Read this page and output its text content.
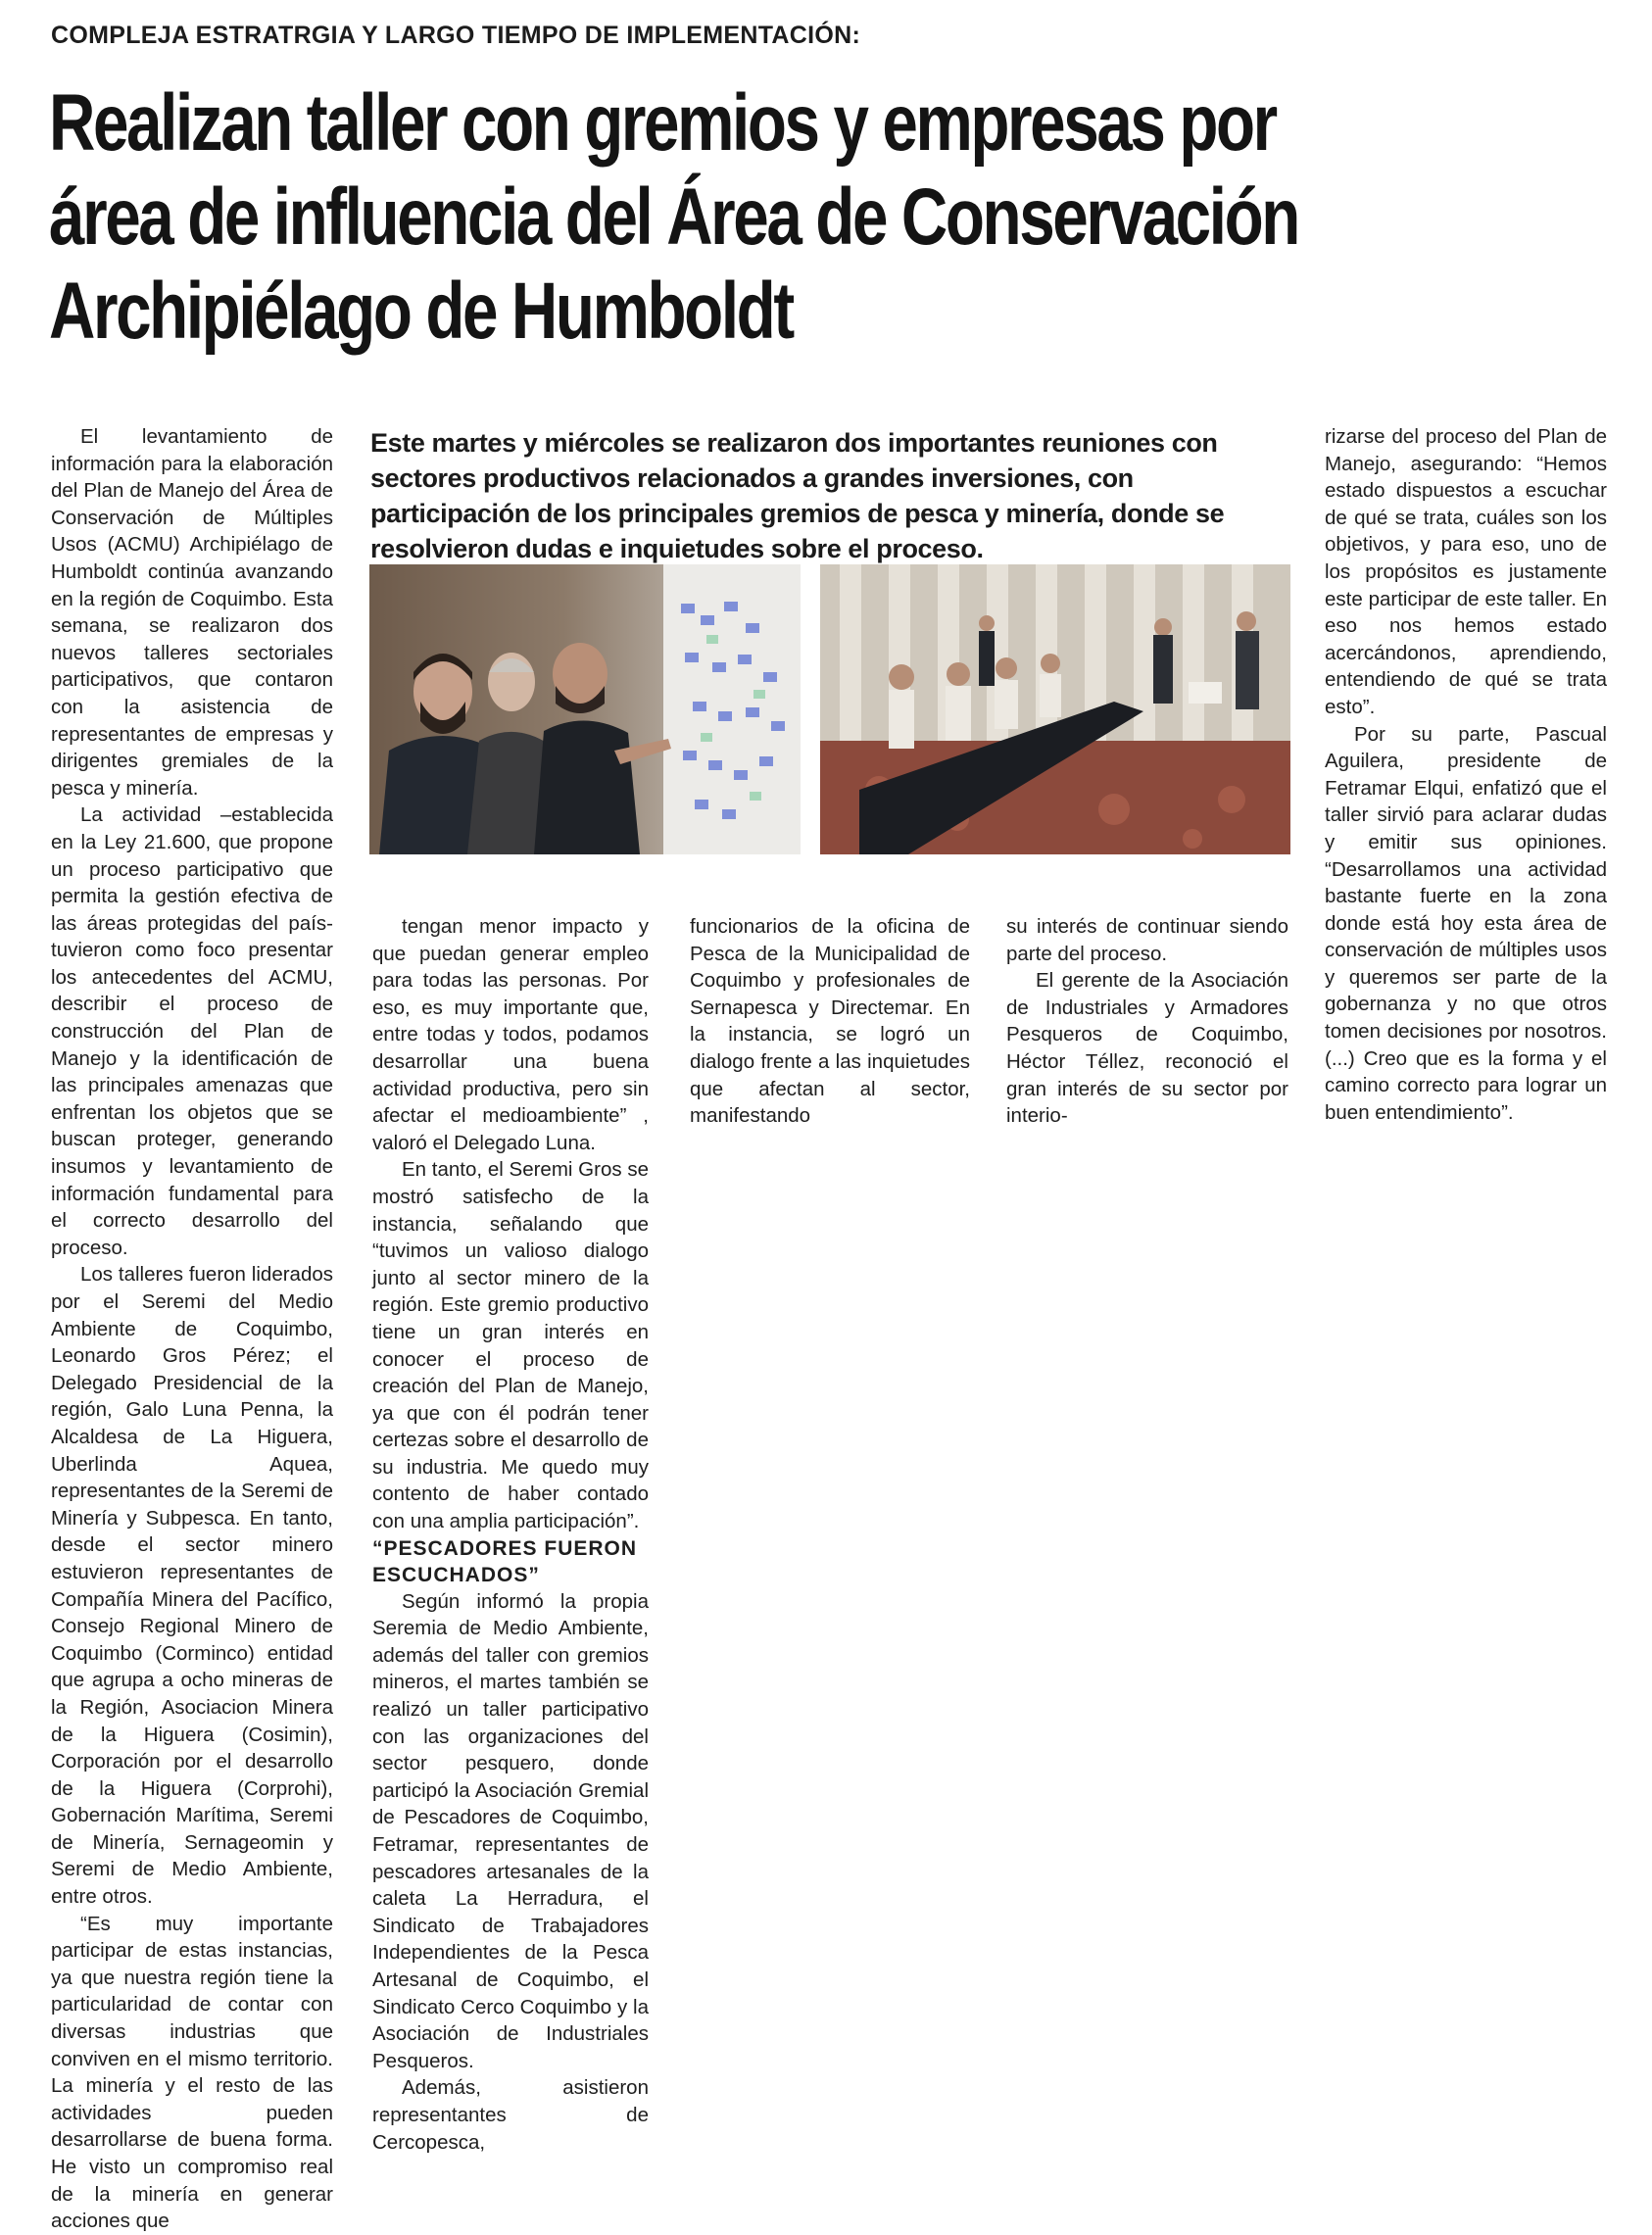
COMPLEJA ESTRATRGIA Y LARGO TIEMPO DE IMPLEMENTACIÓN:
Realizan taller con gremios y empresas por
área de influencia del Área de Conservación
Archipiélago de Humboldt

El levantamiento de información para la elaboración del Plan de Manejo del Área de Conservación de Múltiples Usos (ACMU) Archipiélago de Humboldt continúa avanzando en la región de Coquimbo. Esta semana, se realizaron dos nuevos talleres sectoriales participativos, que contaron con la asistencia de representantes de empresas y dirigentes gremiales de la pesca y minería.

La actividad –establecida en la Ley 21.600, que propone un proceso participativo que permita la gestión efectiva de las áreas protegidas del país- tuvieron como foco presentar los antecedentes del ACMU, describir el proceso de construcción del Plan de Manejo y la identificación de las principales amenazas que enfrentan los objetos que se buscan proteger, generando insumos y levantamiento de información fundamental para el correcto desarrollo del proceso.

Los talleres fueron liderados por el Seremi del Medio Ambiente de Coquimbo, Leonardo Gros Pérez; el Delegado Presidencial de la región, Galo Luna Penna, la Alcaldesa de La Higuera, Uberlinda Aquea, representantes de la Seremi de Minería y Subpesca. En tanto, desde el sector minero estuvieron representantes de Compañía Minera del Pacífico, Consejo Regional Minero de Coquimbo (Corminco) entidad que agrupa a ocho mineras de la Región, Asociacion Minera de la Higuera (Cosimin), Corporación por el desarrollo de la Higuera (Corprohi), Gobernación Marítima, Seremi de Minería, Sernageomin y Seremi de Medio Ambiente, entre otros.

“Es muy importante participar de estas instancias, ya que nuestra región tiene la particularidad de contar con diversas industrias que conviven en el mismo territorio. La minería y el resto de las actividades pueden desarrollarse de buena forma. He visto un compromiso real de la minería en generar acciones que

Este martes y miércoles se realizaron dos importantes reuniones con sectores productivos relacionados a grandes inversiones, con participación de los principales gremios de pesca y minería, donde se resolvieron dudas e inquietudes sobre el proceso.

tengan menor impacto y que puedan generar empleo para todas las personas. Por eso, es muy importante que, entre todas y todos, podamos desarrollar una buena actividad productiva, pero sin afectar el medioambiente” , valoró el Delegado Luna.

En tanto, el Seremi Gros se mostró satisfecho de la instancia, señalando que “tuvimos un valioso dialogo junto al sector minero de la región. Este gremio productivo tiene un gran interés en conocer el proceso de creación del Plan de Manejo, ya que con él podrán tener certezas sobre el desarrollo de su industria. Me quedo muy contento de haber contado con una amplia participación”.

“PESCADORES FUERON ESCUCHADOS”

Según informó la propia Seremia de Medio Ambiente, además del taller con gremios mineros, el martes también se realizó un taller participativo con las organizaciones del sector pesquero, donde participó la Asociación Gremial de Pescadores de Coquimbo, Fetramar, representantes de pescadores artesanales de la caleta La Herradura, el Sindicato de Trabajadores Independientes de la Pesca Artesanal de Coquimbo, el Sindicato Cerco Coquimbo y la Asociación de Industriales Pesqueros.

Además, asistieron representantes de Cercopesca,

funcionarios de la oficina de Pesca de la Municipalidad de Coquimbo y profesionales de Sernapesca y Directemar. En la instancia, se logró un dialogo frente a las inquietudes que afectan al sector, manifestando

su interés de continuar siendo parte del proceso.

El gerente de la Asociación de Industriales y Armadores Pesqueros de Coquimbo, Héctor Téllez, reconoció el gran interés de su sector por interio-

rizarse del proceso del Plan de Manejo, asegurando: “Hemos estado dispuestos a escuchar de qué se trata, cuáles son los objetivos, y para eso, uno de los propósitos es justamente este participar de este taller. En eso nos hemos estado acercándonos, aprendiendo, entendiendo de qué se trata esto”.

Por su parte, Pascual Aguilera, presidente de Fetramar Elqui, enfatizó que el taller sirvió para aclarar dudas y emitir sus opiniones. “Desarrollamos una actividad bastante fuerte en la zona donde está hoy esta área de conservación de múltiples usos y queremos ser parte de la gobernanza y no que otros tomen decisiones por nosotros. (...) Creo que es la forma y el camino correcto para lograr un buen entendimiento”.
